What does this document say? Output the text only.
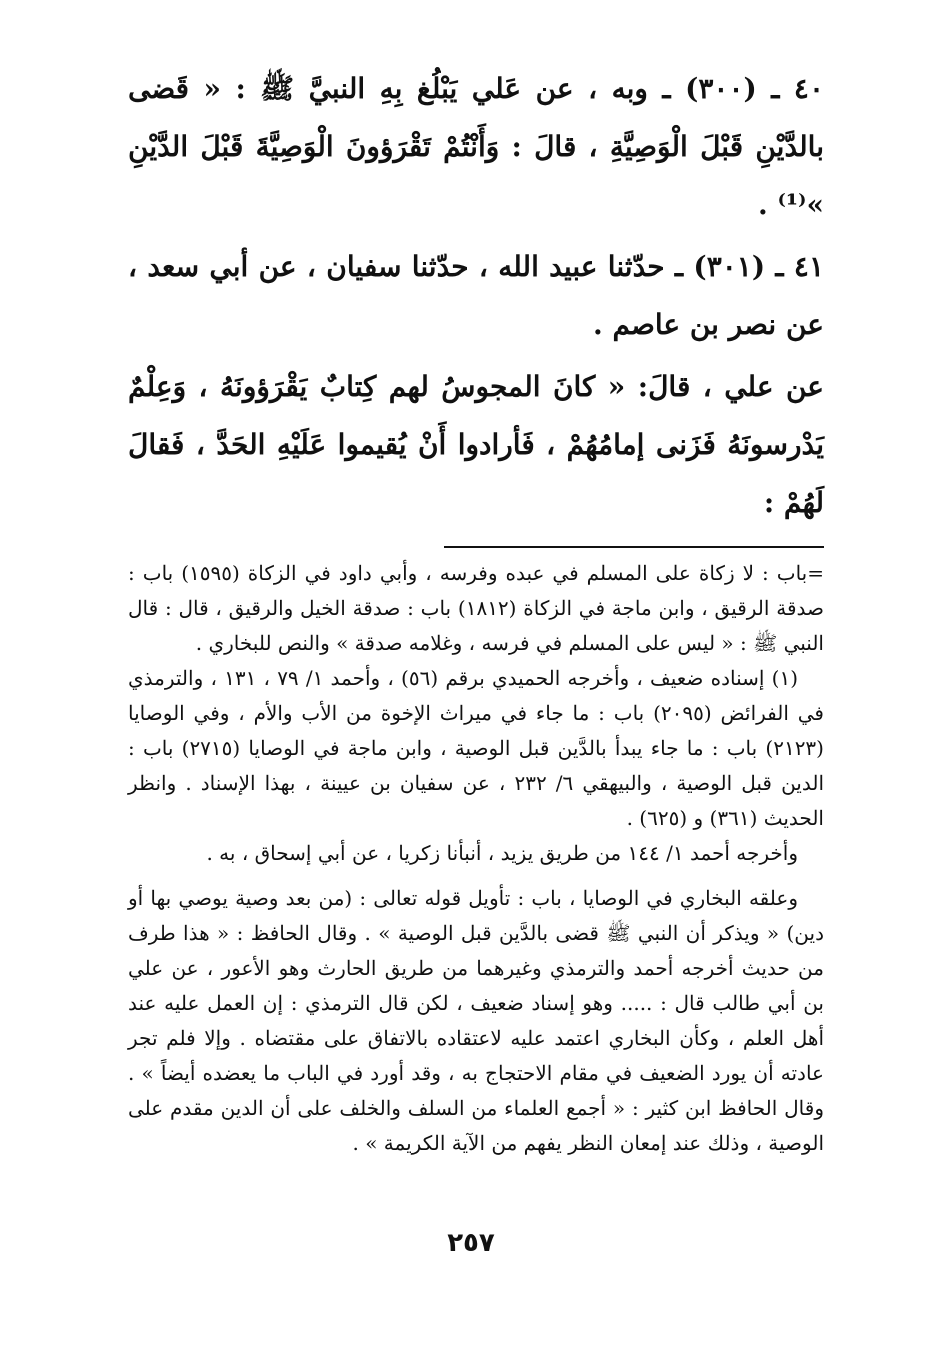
٤٠ ـ (٣٠٠) ـ وبه ، عن عَلي يَبْلُغ بِهِ النبيَّ ﷺ : « قَضى بالدَّيْنِ قَبْلَ الْوَصِيَّةِ ، قالَ : وَأَنْتُمْ تَقْرَؤونَ الْوَصِيَّةَ قَبْلَ الدَّيْنِ »⁽¹⁾ .

٤١ ـ (٣٠١) ـ حدّثنا عبيد الله ، حدّثنا سفيان ، عن أبي سعد ، عن نصر بن عاصم .

عن علي ، قالَ: « كانَ المجوسُ لهم كِتابٌ يَقْرَؤونَهُ ، وَعِلْمٌ يَدْرسونَهُ فَزَنى إمامُهُمْ ، فَأرادوا أَنْ يُقيموا عَلَيْهِ الحَدَّ ، فَقالَ لَهُمْ :

=باب : لا زكاة على المسلم في عبده وفرسه ، وأبي داود في الزكاة (١٥٩٥) باب : صدقة الرقيق ، وابن ماجة في الزكاة (١٨١٢) باب : صدقة الخيل والرقيق ، قال : قال النبي ﷺ : « ليس على المسلم في فرسه ، وغلامه صدقة » والنص للبخاري .

(١) إسناده ضعيف ، وأخرجه الحميدي برقم (٥٦) ، وأحمد ١/ ٧٩ ، ١٣١ ، والترمذي في الفرائض (٢٠٩٥) باب : ما جاء في ميراث الإخوة من الأب والأم ، وفي الوصايا (٢١٢٣) باب : ما جاء يبدأ بالدَّين قبل الوصية ، وابن ماجة في الوصايا (٢٧١٥) باب : الدين قبل الوصية ، والبيهقي ٦/ ٢٣٢ ، عن سفيان بن عيينة ، بهذا الإسناد . وانظر الحديث (٣٦١) و (٦٢٥) .

وأخرجه أحمد ١/ ١٤٤ من طريق يزيد ، أنبأنا زكريا ، عن أبي إسحاق ، به .

وعلقه البخاري في الوصايا ، باب : تأويل قوله تعالى : (من بعد وصية يوصي بها أو دين) « ويذكر أن النبي ﷺ قضى بالدَّين قبل الوصية » . وقال الحافظ : « هذا طرف من حديث أخرجه أحمد والترمذي وغيرهما من طريق الحارث وهو الأعور ، عن علي بن أبي طالب قال : ..... وهو إسناد ضعيف ، لكن قال الترمذي : إن العمل عليه عند أهل العلم ، وكأن البخاري اعتمد عليه لاعتقاده بالاتفاق على مقتضاه . وإلا فلم تجر عادته أن يورد الضعيف في مقام الاحتجاج به ، وقد أورد في الباب ما يعضده أيضاً » . وقال الحافظ ابن كثير : « أجمع العلماء من السلف والخلف على أن الدين مقدم على الوصية ، وذلك عند إمعان النظر يفهم من الآية الكريمة » .

٢٥٧
